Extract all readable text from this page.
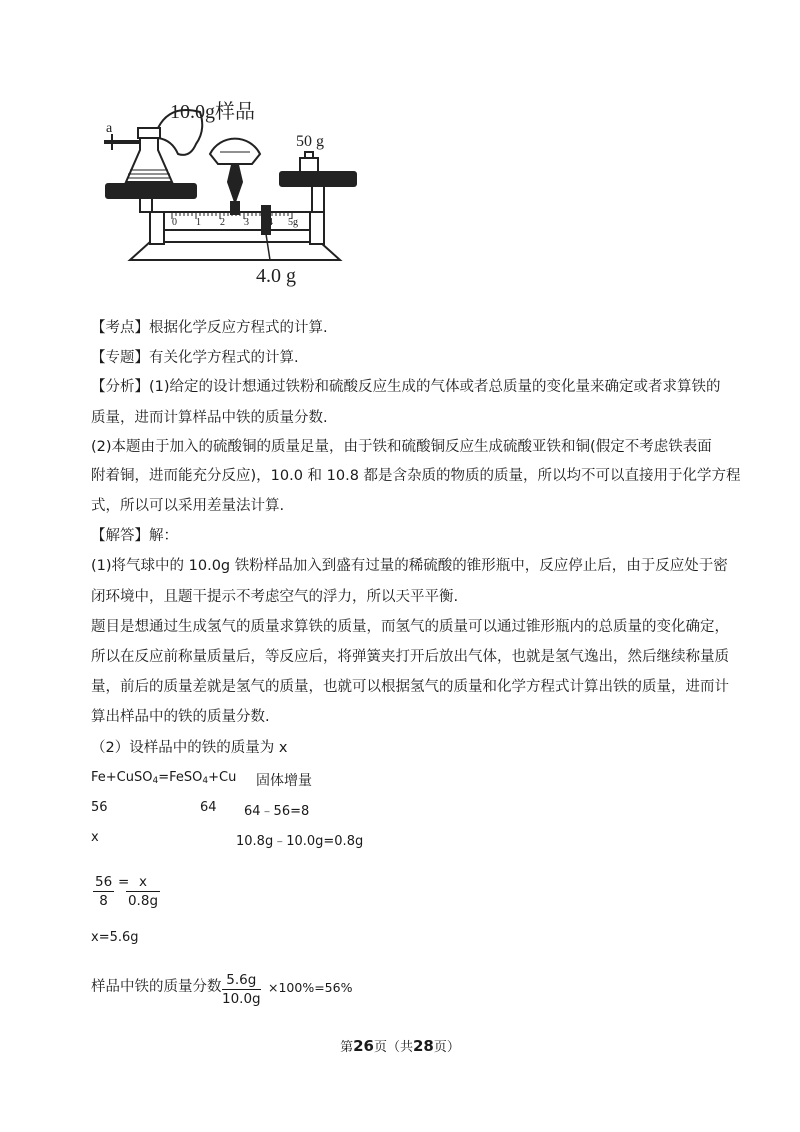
10.0g样品
a
50 g
0 1 2 3 4 5g
4.0 g
【考点】根据化学反应方程式的计算.
【专题】有关化学方程式的计算.
【分析】(1)给定的设计想通过铁粉和硫酸反应生成的气体或者总质量的变化量来确定或者求算铁的
质量，进而计算样品中铁的质量分数.
(2)本题由于加入的硫酸铜的质量足量，由于铁和硫酸铜反应生成硫酸亚铁和铜(假定不考虑铁表面
附着铜，进而能充分反应)，10.0 和 10.8 都是含杂质的物质的质量，所以均不可以直接用于化学方程
式，所以可以采用差量法计算.
【解答】解：
(1)将气球中的 10.0g 铁粉样品加入到盛有过量的稀硫酸的锥形瓶中，反应停止后，由于反应处于密
闭环境中，且题干提示不考虑空气的浮力，所以天平平衡.
题目是想通过生成氢气的质量求算铁的质量，而氢气的质量可以通过锥形瓶内的总质量的变化确定，
所以在反应前称量质量后，等反应后，将弹簧夹打开后放出气体，也就是氢气逸出，然后继续称量质
量，前后的质量差就是氢气的质量，也就可以根据氢气的质量和化学方程式计算出铁的质量，进而计
算出样品中的铁的质量分数.
（2）设样品中的铁的质量为 x
Fe+CuSO$_4$=FeSO$_4$+Cu 固体增量
56	64 64﹣56=8
x	10.8g﹣10.0g=0.8g
$\frac{56}{8}$ =
$\frac{x}{0.8g}$
x=5.6g
样品中铁的质量分数 $\frac{5.6g}{10.0g} \times 100\%=56\%$
第26页（共28页）
